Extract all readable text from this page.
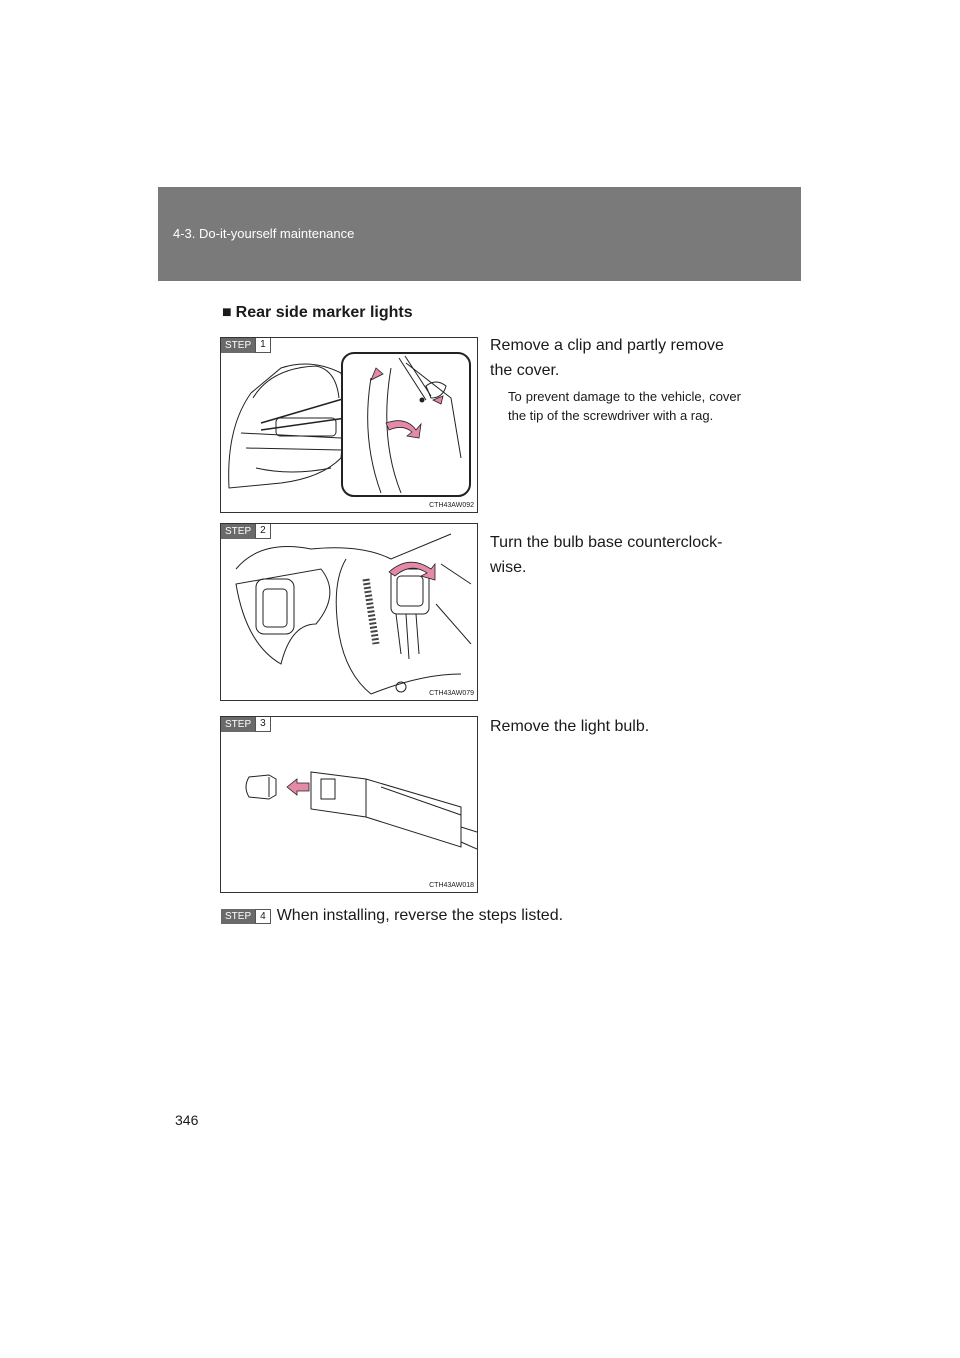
4-3. Do-it-yourself maintenance
■ Rear side marker lights
STEP 1
CTH43AW092
Remove a clip and partly remove the cover.
To prevent damage to the vehicle, cover the tip of the screwdriver with a rag.
STEP 2
CTH43AW079
Turn the bulb base counterclock-wise.
STEP 3
CTH43AW018
Remove the light bulb.
STEP 4 When installing, reverse the steps listed.
346
